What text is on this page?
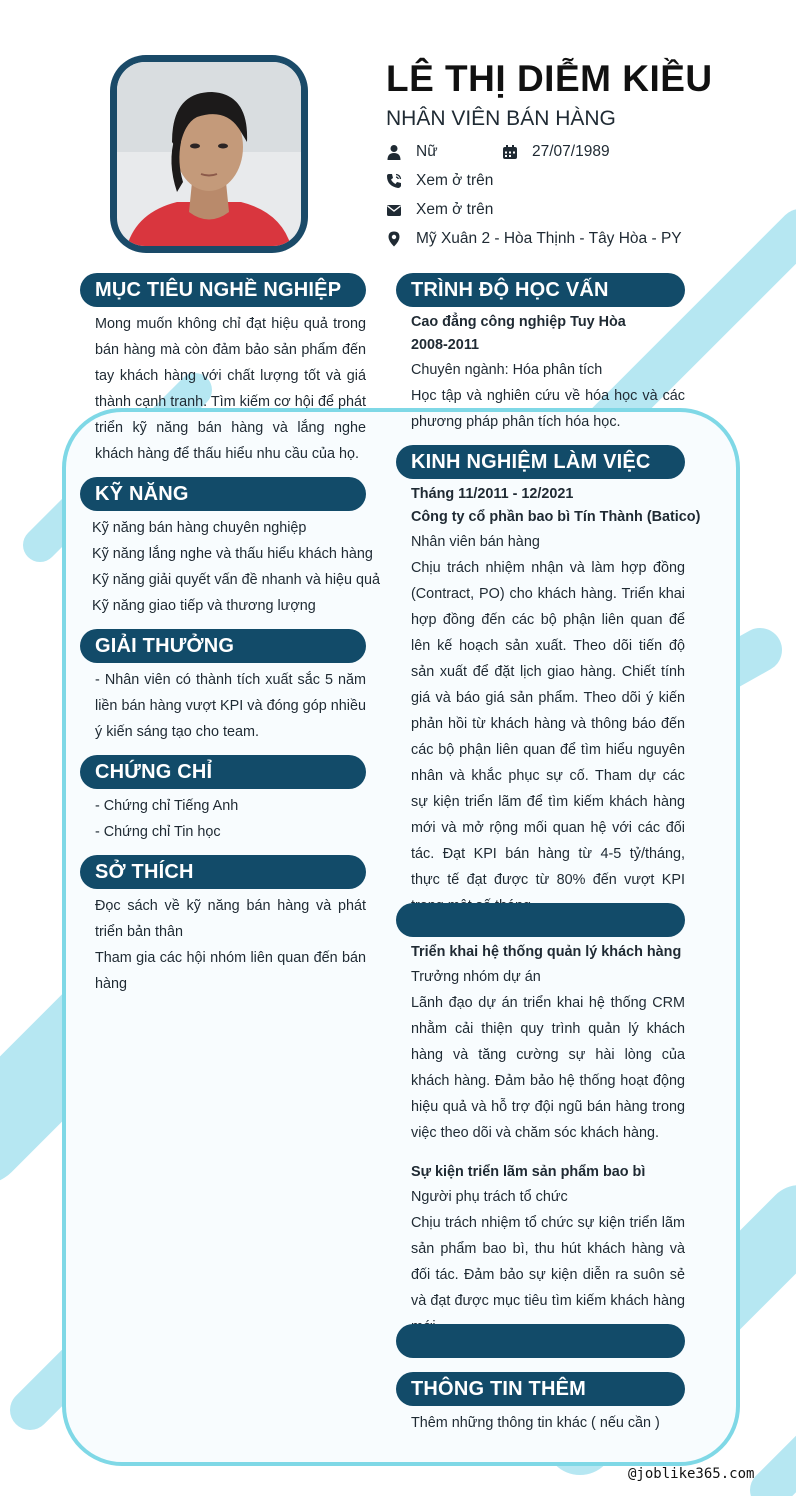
LÊ THỊ DIỄM KIỀU
NHÂN VIÊN BÁN HÀNG
Nữ	27/07/1989
Xem ở trên
Xem ở trên
Mỹ Xuân 2 - Hòa Thịnh - Tây Hòa - PY
MỤC TIÊU NGHỀ NGHIỆP
Mong muốn không chỉ đạt hiệu quả trong bán hàng mà còn đảm bảo sản phẩm đến tay khách hàng với chất lượng tốt và giá thành cạnh tranh. Tìm kiếm cơ hội để phát triển kỹ năng bán hàng và lắng nghe khách hàng để thấu hiểu nhu cầu của họ.
KỸ NĂNG
Kỹ năng bán hàng chuyên nghiệp
Kỹ năng lắng nghe và thấu hiểu khách hàng
Kỹ năng giải quyết vấn đề nhanh và hiệu quả
Kỹ năng giao tiếp và thương lượng
GIẢI THƯỞNG
- Nhân viên có thành tích xuất sắc 5 năm liền bán hàng vượt KPI và đóng góp nhiều ý kiến sáng tạo cho team.
CHỨNG CHỈ
- Chứng chỉ Tiếng Anh
- Chứng chỉ Tin học
SỞ THÍCH
Đọc sách về kỹ năng bán hàng và phát triển bản thân
Tham gia các hội nhóm liên quan đến bán hàng
TRÌNH ĐỘ HỌC VẤN
Cao đẳng công nghiệp Tuy Hòa
2008-2011
Chuyên ngành: Hóa phân tích
Học tập và nghiên cứu về hóa học và các phương pháp phân tích hóa học.
KINH NGHIỆM LÀM VIỆC
Tháng 11/2011 - 12/2021
Công ty cổ phần bao bì Tín Thành (Batico)
Nhân viên bán hàng
Chịu trách nhiệm nhận và làm hợp đồng (Contract, PO) cho khách hàng. Triển khai hợp đồng đến các bộ phận liên quan để lên kế hoạch sản xuất. Theo dõi tiến độ sản xuất để đặt lịch giao hàng. Chiết tính giá và báo giá sản phẩm. Theo dõi ý kiến phản hồi từ khách hàng và thông báo đến các bộ phận liên quan để tìm hiểu nguyên nhân và khắc phục sự cố. Tham dự các sự kiện triển lãm để tìm kiếm khách hàng mới và mở rộng mối quan hệ với các đối tác. Đạt KPI bán hàng từ 4-5 tỷ/tháng, thực tế đạt được từ 80% đến vượt KPI
Triển khai hệ thống quản lý khách hàng
Trưởng nhóm dự án
Lãnh đạo dự án triển khai hệ thống CRM nhằm cải thiện quy trình quản lý khách hàng và tăng cường sự hài lòng của khách hàng. Đảm bảo hệ thống hoạt động hiệu quả và hỗ trợ đội ngũ bán hàng trong việc theo dõi và chăm sóc khách hàng.
Sự kiện triển lãm sản phẩm bao bì
Người phụ trách tổ chức
Chịu trách nhiệm tổ chức sự kiện triển lãm sản phẩm bao bì, thu hút khách hàng và đối tác. Đảm bảo sự kiện diễn ra suôn sẻ và đạt được mục tiêu tìm kiếm khách hàng
THÔNG TIN THÊM
Thêm những thông tin khác ( nếu cần )
@joblike365.com
